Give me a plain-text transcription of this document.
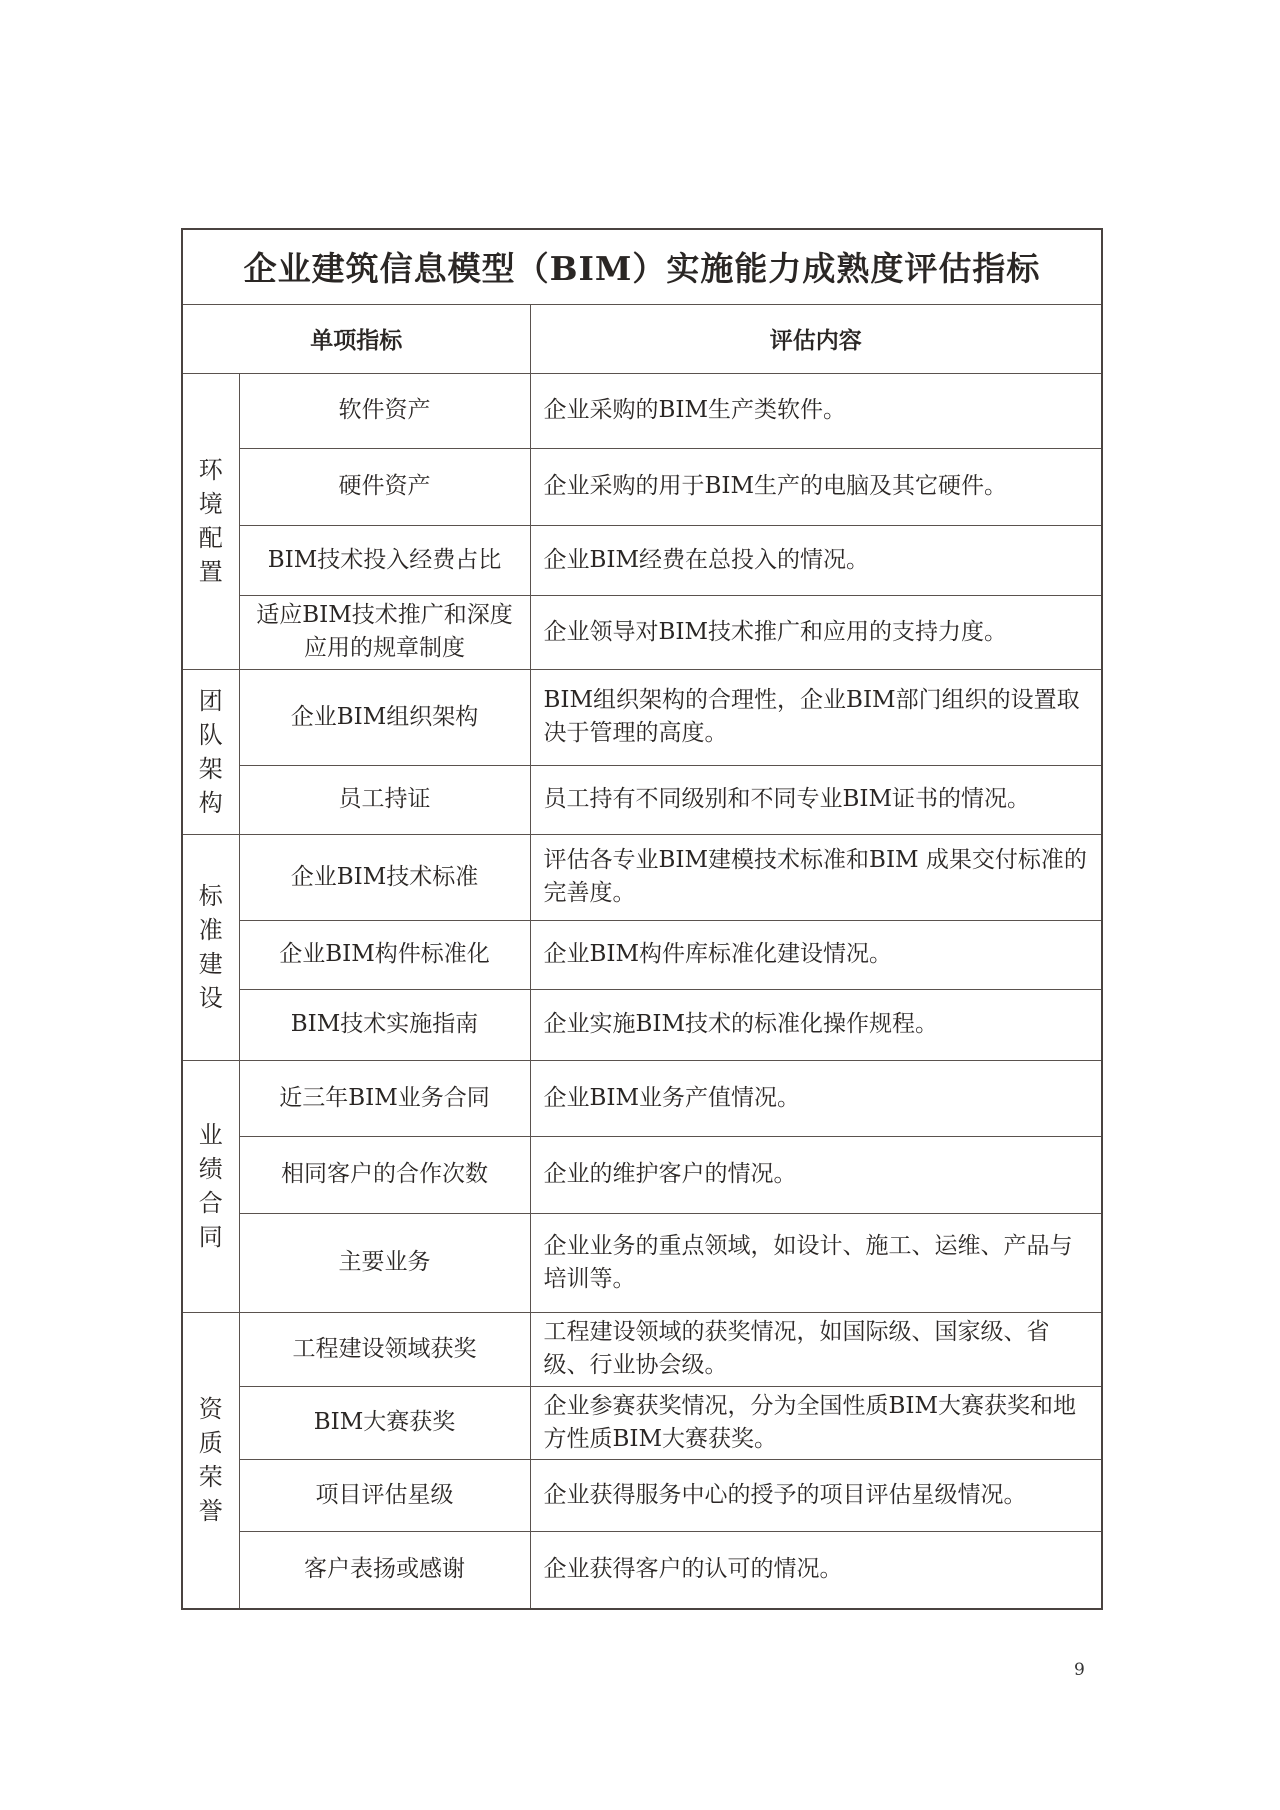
企业建筑信息模型（BIM）实施能力成熟度评估指标		
单项指标		评估内容

环
境
配
置	软件资产	企业采购的BIM生产类软件。
	硬件资产	企业采购的用于BIM生产的电脑及其它硬件。
	BIM技术投入经费占比	企业BIM经费在总投入的情况。
	适应BIM技术推广和深度应用的规章制度	企业领导对BIM技术推广和应用的支持力度。

团
队
架
构	企业BIM组织架构	BIM组织架构的合理性，企业BIM部门组织的设置取决于管理的高度。
	员工持证	员工持有不同级别和不同专业BIM证书的情况。

标
准
建
设	企业BIM技术标准	评估各专业BIM建模技术标准和BIM 成果交付标准的完善度。
	企业BIM构件标准化	企业BIM构件库标准化建设情况。
	BIM技术实施指南	企业实施BIM技术的标准化操作规程。

业
绩
合
同	近三年BIM业务合同	企业BIM业务产值情况。
	相同客户的合作次数	企业的维护客户的情况。
	主要业务	企业业务的重点领域，如设计、施工、运维、产品与培训等。

资
质
荣
誉	工程建设领域获奖	工程建设领域的获奖情况，如国际级、国家级、省级、行业协会级。
	BIM大赛获奖	企业参赛获奖情况，分为全国性质BIM大赛获奖和地方性质BIM大赛获奖。
	项目评估星级	企业获得服务中心的授予的项目评估星级情况。
	客户表扬或感谢	企业获得客户的认可的情况。
9
